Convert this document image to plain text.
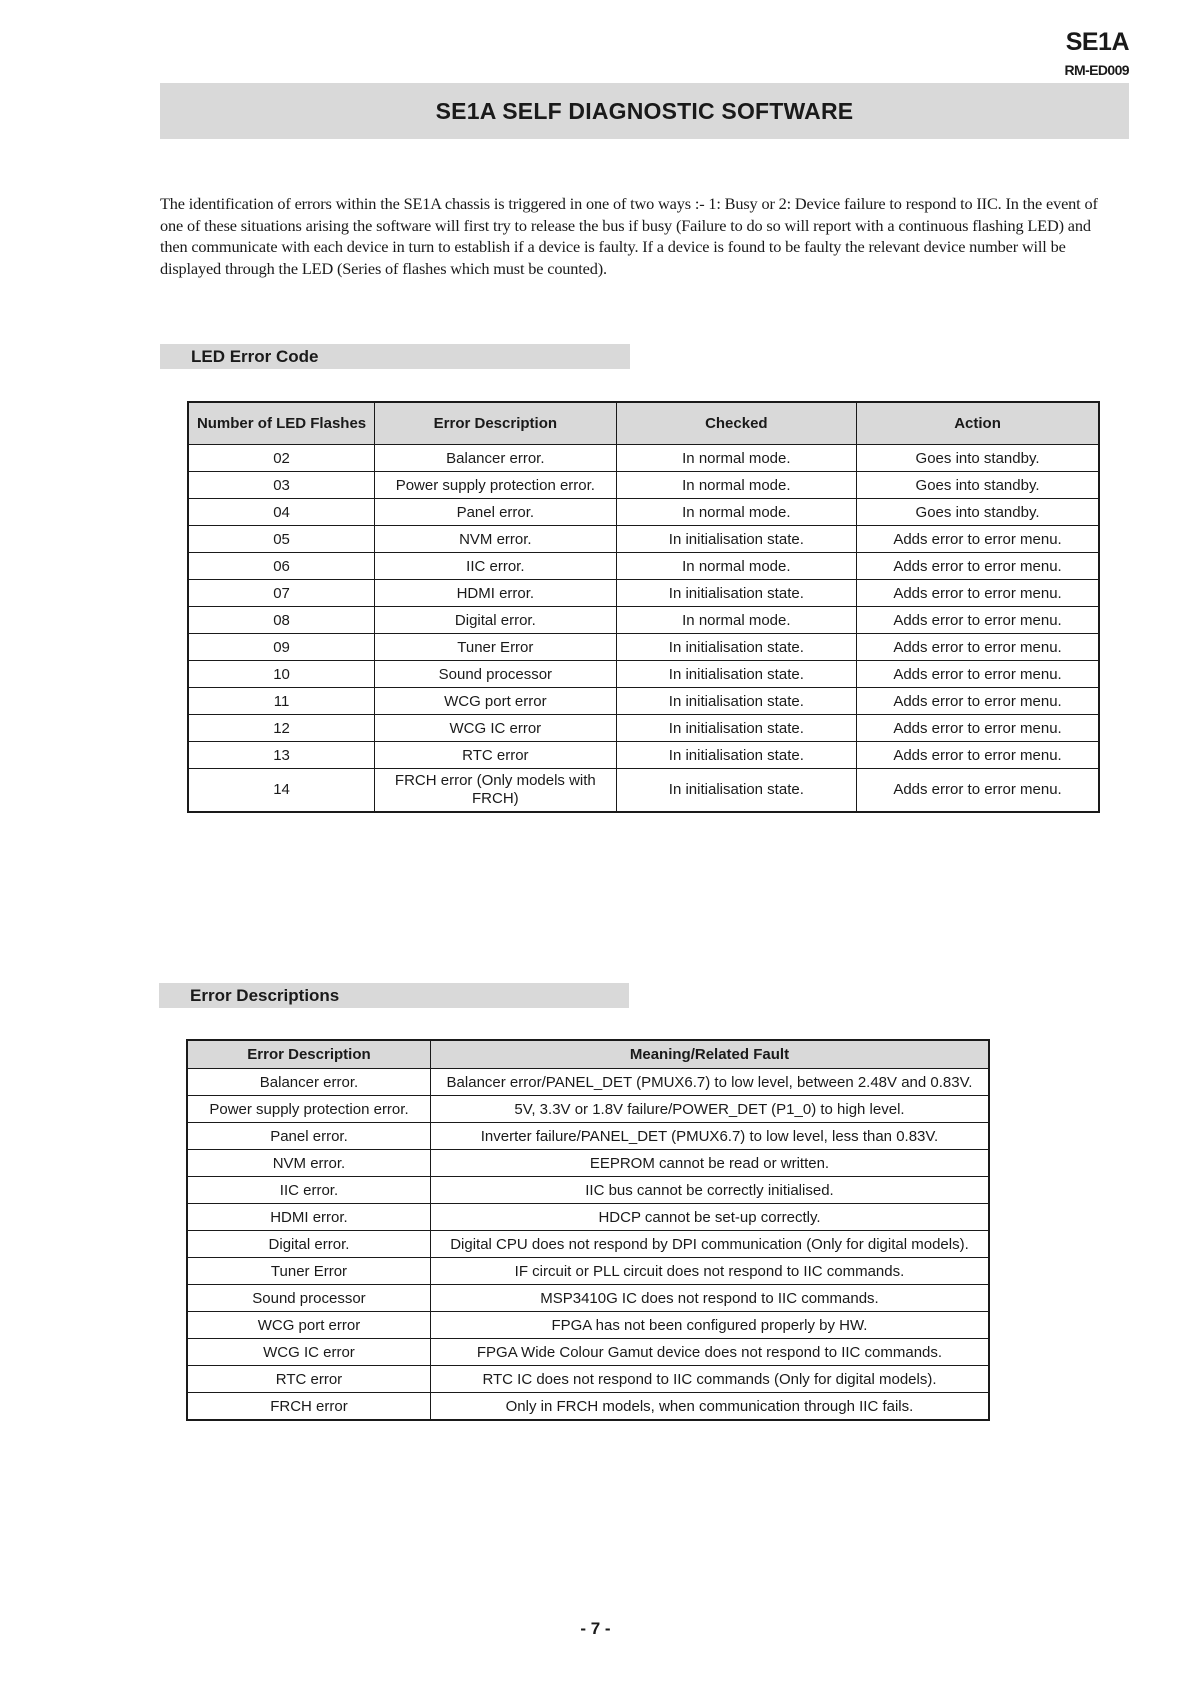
SE1A
RM-ED009
SE1A SELF DIAGNOSTIC SOFTWARE

The identification of errors within the SE1A chassis is triggered in one of two ways :- 1: Busy or 2: Device failure to respond to IIC. In the event of one of these situations arising the software will first try to release the bus if busy (Failure to do so will report with a continuous flashing LED) and then communicate with each device in turn to establish if a device is faulty. If a device is found to be faulty the relevant device number will be displayed through the LED (Series of flashes which must be counted).

LED Error Code
Number of LED Flashes	Error Description	Checked	Action
02	Balancer error.	In normal mode.	Goes into standby.
03	Power supply protection error.	In normal mode.	Goes into standby.
04	Panel error.	In normal mode.	Goes into standby.
05	NVM error.	In initialisation state.	Adds error to error menu.
06	IIC error.	In normal mode.	Adds error to error menu.
07	HDMI error.	In initialisation state.	Adds error to error menu.
08	Digital error.	In normal mode.	Adds error to error menu.
09	Tuner Error	In initialisation state.	Adds error to error menu.
10	Sound processor	In initialisation state.	Adds error to error menu.
11	WCG port error	In initialisation state.	Adds error to error menu.
12	WCG IC error	In initialisation state.	Adds error to error menu.
13	RTC error	In initialisation state.	Adds error to error menu.
14	FRCH error (Only models with FRCH)	In initialisation state.	Adds error to error menu.
Error Descriptions
Error Description	Meaning/Related Fault
Balancer error.	Balancer error/PANEL_DET (PMUX6.7) to low level, between 2.48V and 0.83V.
Power supply protection error.	5V, 3.3V or 1.8V failure/POWER_DET (P1_0) to high level.
Panel error.	Inverter failure/PANEL_DET (PMUX6.7) to low level, less than 0.83V.
NVM error.	EEPROM cannot be read or written.
IIC error.	IIC bus cannot be correctly initialised.
HDMI error.	HDCP cannot be set-up correctly.
Digital error.	Digital CPU does not respond by DPI communication (Only for digital models).
Tuner Error	IF circuit or PLL circuit does not respond to IIC commands.
Sound processor	MSP3410G IC does not respond to IIC commands.
WCG port error	FPGA has not been configured properly by HW.
WCG IC error	FPGA Wide Colour Gamut device does not respond to IIC commands.
RTC error	RTC IC does not respond to IIC commands (Only for digital models).
FRCH error	Only in FRCH models, when communication through IIC fails.
- 7 -
